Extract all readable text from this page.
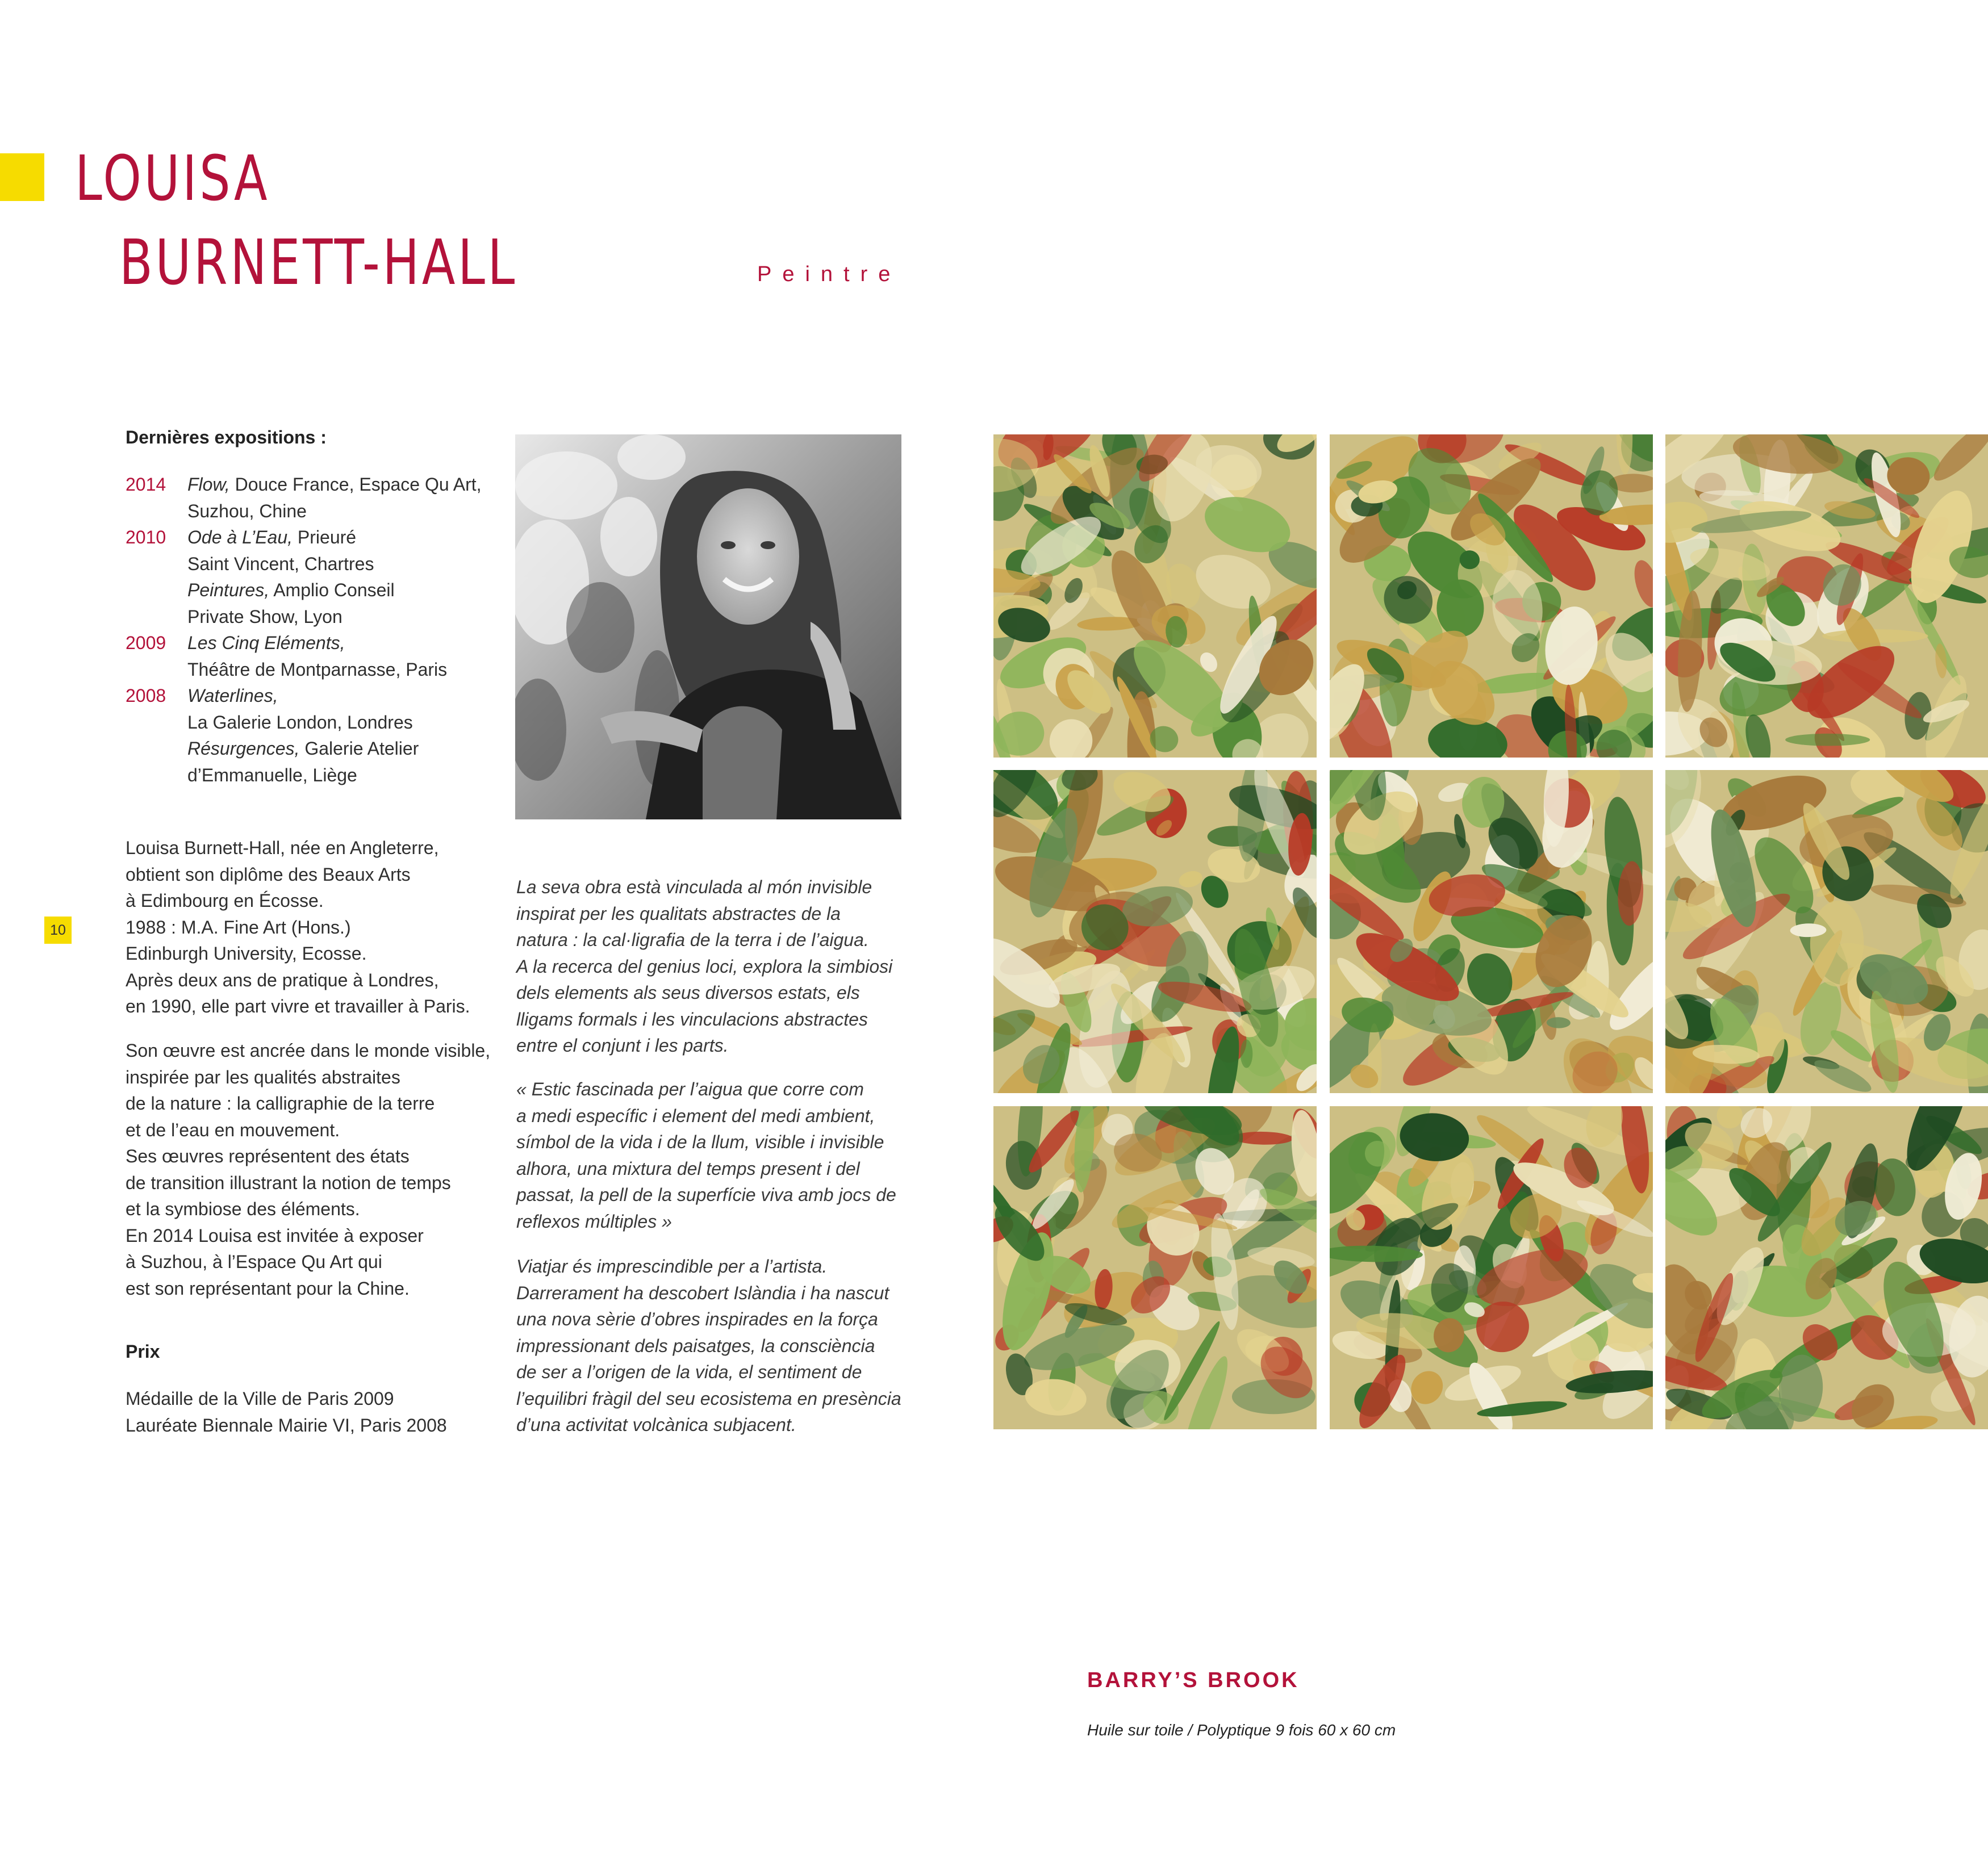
LOUISA
BURNETT-HALL	Peintre
10
Dernières expositions :
2014 Flow, Douce France, Espace Qu Art,
Suzhou, Chine
2010 Ode à L’Eau, Prieuré
Saint Vincent, Chartres
Peintures, Amplio Conseil
Private Show, Lyon
2009 Les Cinq Eléments,
Théâtre de Montparnasse, Paris
2008 Waterlines,
La Galerie London, Londres
Résurgences, Galerie Atelier
d’Emmanuelle, Liège
Louisa Burnett-Hall, née en Angleterre,
obtient son diplôme des Beaux Arts
à Edimbourg en Écosse.
1988 : M.A. Fine Art (Hons.)
Edinburgh University, Ecosse.
Après deux ans de pratique à Londres,
en 1990, elle part vivre et travailler à Paris.
Son œuvre est ancrée dans le monde visible,
inspirée par les qualités abstraites
de la nature : la calligraphie de la terre
et de l’eau en mouvement.
Ses œuvres représentent des états
de transition illustrant la notion de temps
et la symbiose des éléments.
En 2014 Louisa est invitée à exposer
à Suzhou, à l’Espace Qu Art qui
est son représentant pour la Chine.
Prix
Médaille de la Ville de Paris 2009
Lauréate Biennale Mairie VI, Paris 2008
La seva obra està vinculada al món invisible
inspirat per les qualitats abstractes de la
natura : la cal·ligrafia de la terra i de l’aigua.
A la recerca del genius loci, explora la simbiosi
dels elements als seus diversos estats, els
lligams formals i les vinculacions abstractes
entre el conjunt i les parts.
« Estic fascinada per l’aigua que corre com
a medi específic i element del medi ambient,
símbol de la vida i de la llum, visible i invisible
alhora, una mixtura del temps present i del
passat, la pell de la superfície viva amb jocs de
reflexos múltiples »
Viatjar és imprescindible per a l’artista.
Darrerament ha descobert Islàndia i ha nascut
una nova sèrie d’obres inspirades en la força
impressionant dels paisatges, la consciència
de ser a l’origen de la vida, el sentiment de
l’equilibri fràgil del seu ecosistema en presència
d’una activitat volcànica subjacent.
BARRY’S BROOK
Huile sur toile / Polyptique 9 fois 60 x 60 cm
